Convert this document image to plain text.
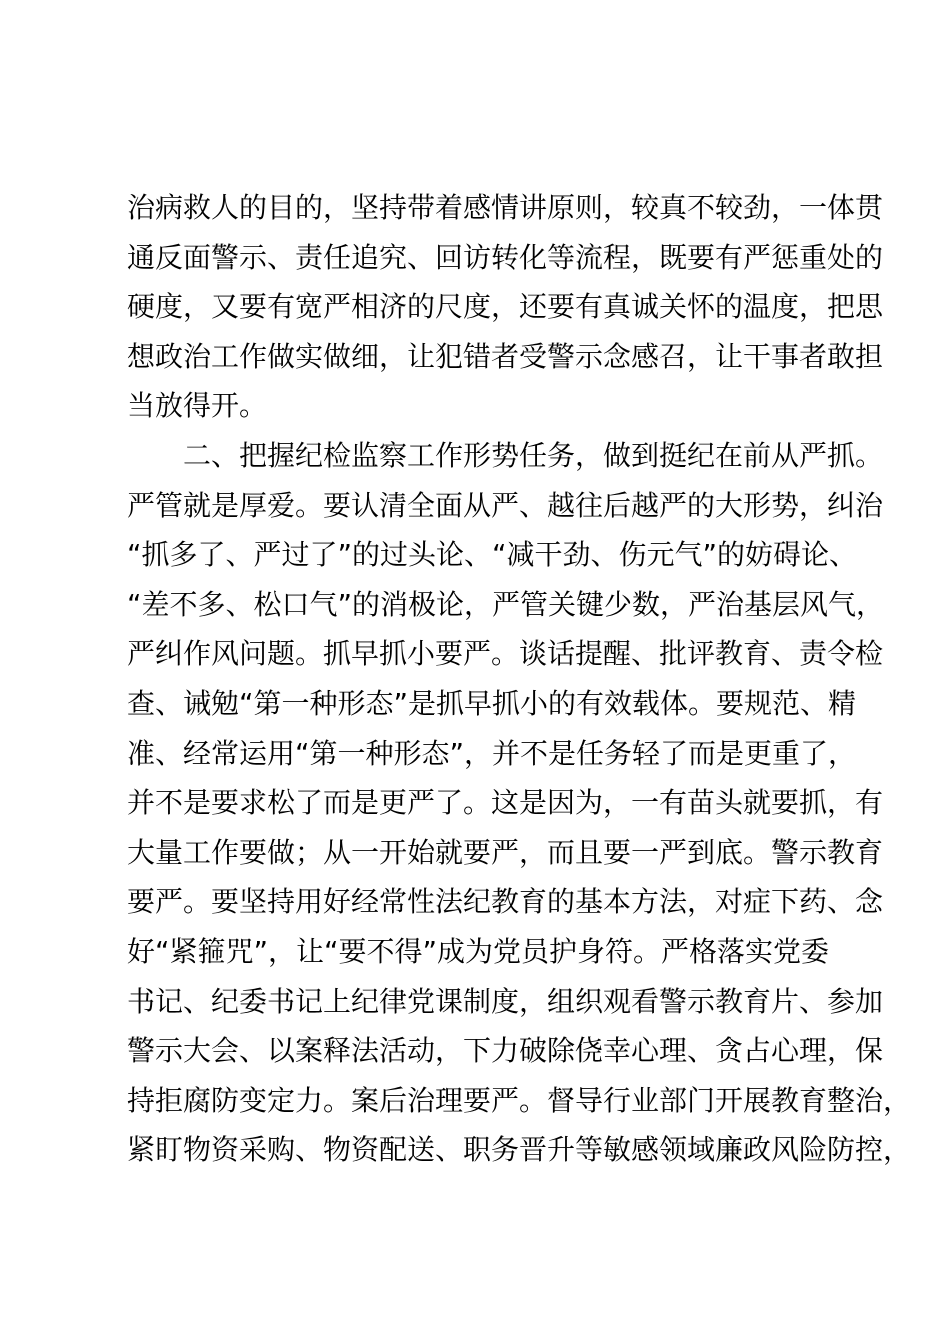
治病救人的目的，坚持带着感情讲原则，较真不较劲，一体贯
通反面警示、责任追究、回访转化等流程，既要有严惩重处的
硬度，又要有宽严相济的尺度，还要有真诚关怀的温度，把思
想政治工作做实做细，让犯错者受警示念感召，让干事者敢担
当放得开。
二、把握纪检监察工作形势任务，做到挺纪在前从严抓。
严管就是厚爱。要认清全面从严、越往后越严的大形势，纠治
“抓多了、严过了”的过头论、“减干劲、伤元气”的妨碍论、
“差不多、松口气”的消极论，严管关键少数，严治基层风气，
严纠作风问题。抓早抓小要严。谈话提醒、批评教育、责令检
查、诫勉“第一种形态”是抓早抓小的有效载体。要规范、精
准、经常运用“第一种形态”，并不是任务轻了而是更重了，
并不是要求松了而是更严了。这是因为，一有苗头就要抓，有
大量工作要做；从一开始就要严，而且要一严到底。警示教育
要严。要坚持用好经常性法纪教育的基本方法，对症下药、念
好“紧箍咒”，让“要不得”成为党员护身符。严格落实党委
书记、纪委书记上纪律党课制度，组织观看警示教育片、参加
警示大会、以案释法活动，下力破除侥幸心理、贪占心理，保
持拒腐防变定力。案后治理要严。督导行业部门开展教育整治，
紧盯物资采购、物资配送、职务晋升等敏感领域廉政风险防控，
